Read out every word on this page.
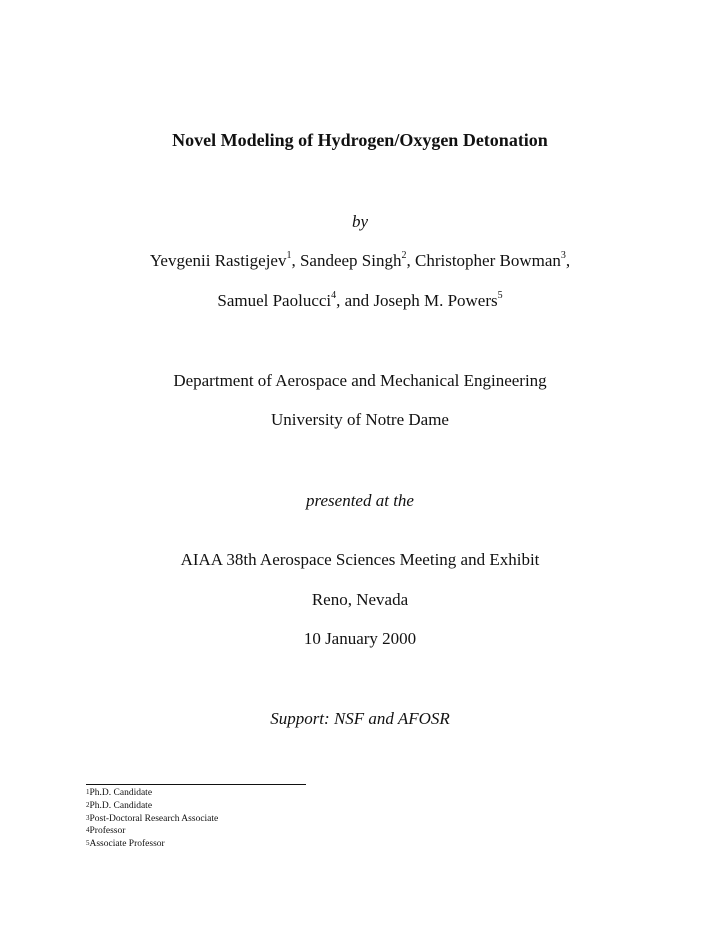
Novel Modeling of Hydrogen/Oxygen Detonation
by
Yevgenii Rastigejev$^1$, Sandeep Singh$^2$, Christopher Bowman$^3$,
Samuel Paolucci$^4$, and Joseph M. Powers$^5$
Department of Aerospace and Mechanical Engineering
University of Notre Dame
presented at the
AIAA 38th Aerospace Sciences Meeting and Exhibit
Reno, Nevada
10 January 2000
Support: NSF and AFOSR
$^1$Ph.D. Candidate
$^2$Ph.D. Candidate
$^3$Post-Doctoral Research Associate
$^4$Professor
$^5$Associate Professor
